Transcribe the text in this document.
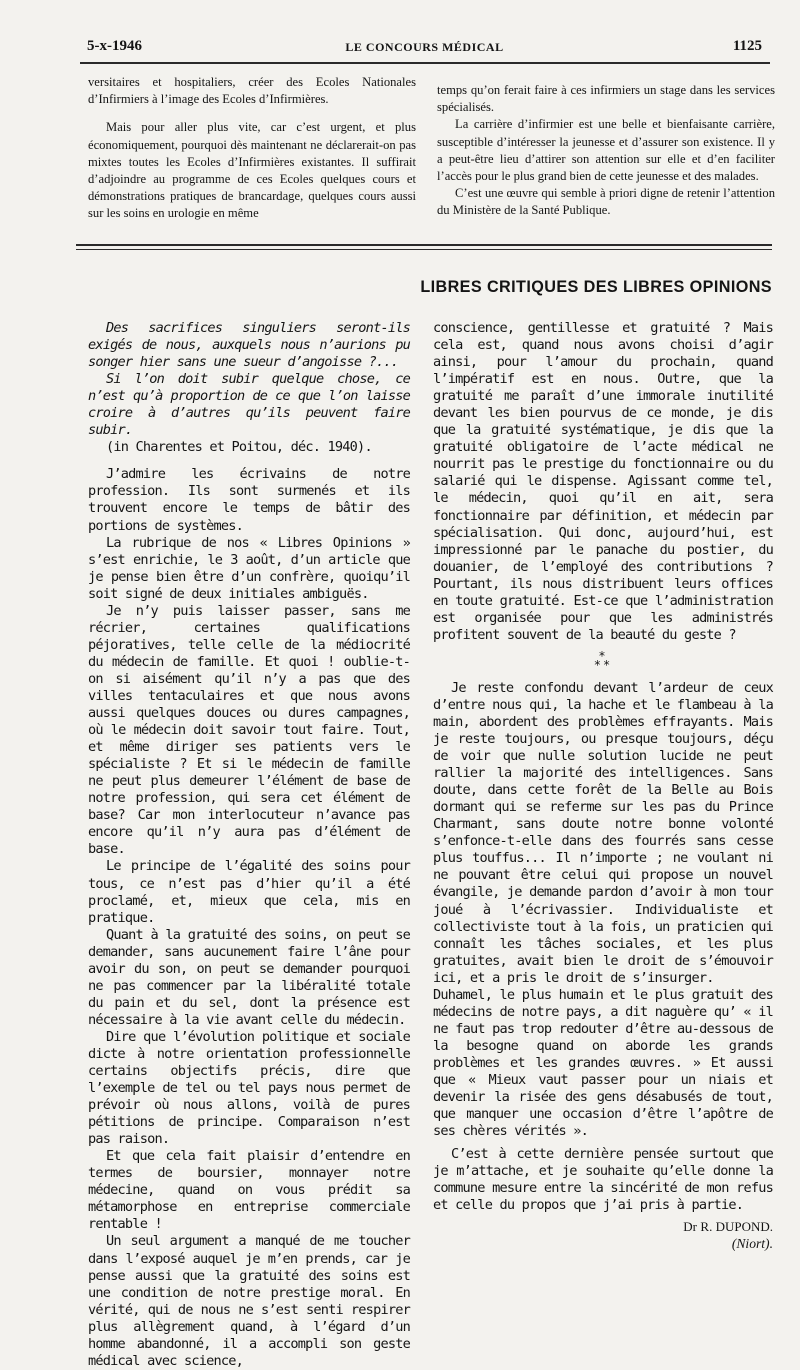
5-x-1946	LE CONCOURS MÉDICAL	1125

versitaires et hospitaliers, créer des Ecoles Nationales d’Infirmiers à l’image des Ecoles d’Infirmières.

Mais pour aller plus vite, car c’est urgent, et plus économiquement, pourquoi dès maintenant ne déclarerait-on pas mixtes toutes les Ecoles d’Infirmières existantes. Il suffirait d’adjoindre au programme de ces Ecoles quelques cours et démonstrations pratiques de brancardage, quelques cours aussi sur les soins en urologie en même

temps qu’on ferait faire à ces infirmiers un stage dans les services spécialisés.

La carrière d’infirmier est une belle et bienfaisante carrière, susceptible d’intéresser la jeunesse et d’assurer son existence. Il y a peut-être lieu d’attirer son attention sur elle et d’en faciliter l’accès pour le plus grand bien de cette jeunesse et des malades.

C’est une œuvre qui semble à priori digne de retenir l’attention du Ministère de la Santé Publique.

LIBRES CRITIQUES DES LIBRES OPINIONS

Des sacrifices singuliers seront-ils exigés de nous, auxquels nous n’aurions pu songer hier sans une sueur d’angoisse ?...

Si l’on doit subir quelque chose, ce n’est qu’à proportion de ce que l’on laisse croire à d’autres qu’ils peuvent faire subir.

(in Charentes et Poitou, déc. 1940).

J’admire les écrivains de notre profession. Ils sont surmenés et ils trouvent encore le temps de bâtir des portions de systèmes.

La rubrique de nos « Libres Opinions » s’est enrichie, le 3 août, d’un article que je pense bien être d’un confrère, quoiqu’il soit signé de deux initiales ambiguës.

Je n’y puis laisser passer, sans me récrier, certaines qualifications péjoratives, telle celle de la médiocrité du médecin de famille. Et quoi ! oublie-t-on si aisément qu’il n’y a pas que des villes tentaculaires et que nous avons aussi quelques douces ou dures campagnes, où le médecin doit savoir tout faire. Tout, et même diriger ses patients vers le spécialiste ? Et si le médecin de famille ne peut plus demeurer l’élément de base de notre profession, qui sera cet élément de base? Car mon interlocuteur n’avance pas encore qu’il n’y aura pas d’élément de base.

Le principe de l’égalité des soins pour tous, ce n’est pas d’hier qu’il a été proclamé, et, mieux que cela, mis en pratique.

Quant à la gratuité des soins, on peut se demander, sans aucunement faire l’âne pour avoir du son, on peut se demander pourquoi ne pas commencer par la libéralité totale du pain et du sel, dont la présence est nécessaire à la vie avant celle du médecin.

Dire que l’évolution politique et sociale dicte à notre orientation professionnelle certains objectifs précis, dire que l’exemple de tel ou tel pays nous permet de prévoir où nous allons, voilà de pures pétitions de principe. Comparaison n’est pas raison.

Et que cela fait plaisir d’entendre en termes de boursier, monnayer notre médecine, quand on vous prédit sa métamorphose en entreprise commerciale rentable !

Un seul argument a manqué de me toucher dans l’exposé auquel je m’en prends, car je pense aussi que la gratuité des soins est une condition de notre prestige moral. En vérité, qui de nous ne s’est senti respirer plus allègrement quand, à l’égard d’un homme abandonné, il a accompli son geste médical avec science,

conscience, gentillesse et gratuité ? Mais cela est, quand nous avons choisi d’agir ainsi, pour l’amour du prochain, quand l’impératif est en nous. Outre, que la gratuité me paraît d’une immorale inutilité devant les bien pourvus de ce monde, je dis que la gratuité systématique, je dis que la gratuité obligatoire de l’acte médical ne nourrit pas le prestige du fonctionnaire ou du salarié qui le dispense. Agissant comme tel, le médecin, quoi qu’il en ait, sera fonctionnaire par définition, et médecin par spécialisation. Qui donc, aujourd’hui, est impressionné par le panache du postier, du douanier, de l’employé des contributions ? Pourtant, ils nous distribuent leurs offices en toute gratuité. Est-ce que l’administration est organisée pour que les administrés profitent souvent de la beauté du geste ?

*
**

Je reste confondu devant l’ardeur de ceux d’entre nous qui, la hache et le flambeau à la main, abordent des problèmes effrayants. Mais je reste toujours, ou presque toujours, déçu de voir que nulle solution lucide ne peut rallier la majorité des intelligences. Sans doute, dans cette forêt de la Belle au Bois dormant qui se referme sur les pas du Prince Charmant, sans doute notre bonne volonté s’enfonce-t-elle dans des fourrés sans cesse plus touffus... Il n’importe ; ne voulant ni ne pouvant être celui qui propose un nouvel évangile, je demande pardon d’avoir à mon tour joué à l’écrivassier. Individualiste et collectiviste tout à la fois, un praticien qui connaît les tâches sociales, et les plus gratuites, avait bien le droit de s’émouvoir ici, et a pris le droit de s’insurger.

Duhamel, le plus humain et le plus gratuit des médecins de notre pays, a dit naguère qu’ « il ne faut pas trop redouter d’être au-dessous de la besogne quand on aborde les grands problèmes et les grandes œuvres. » Et aussi que « Mieux vaut passer pour un niais et devenir la risée des gens désabusés de tout, que manquer une occasion d’être l’apôtre de ses chères vérités ».

C’est à cette dernière pensée surtout que je m’attache, et je souhaite qu’elle donne la commune mesure entre la sincérité de mon refus et celle du propos que j’ai pris à partie.

Dr R. DUPOND.

(Niort).
